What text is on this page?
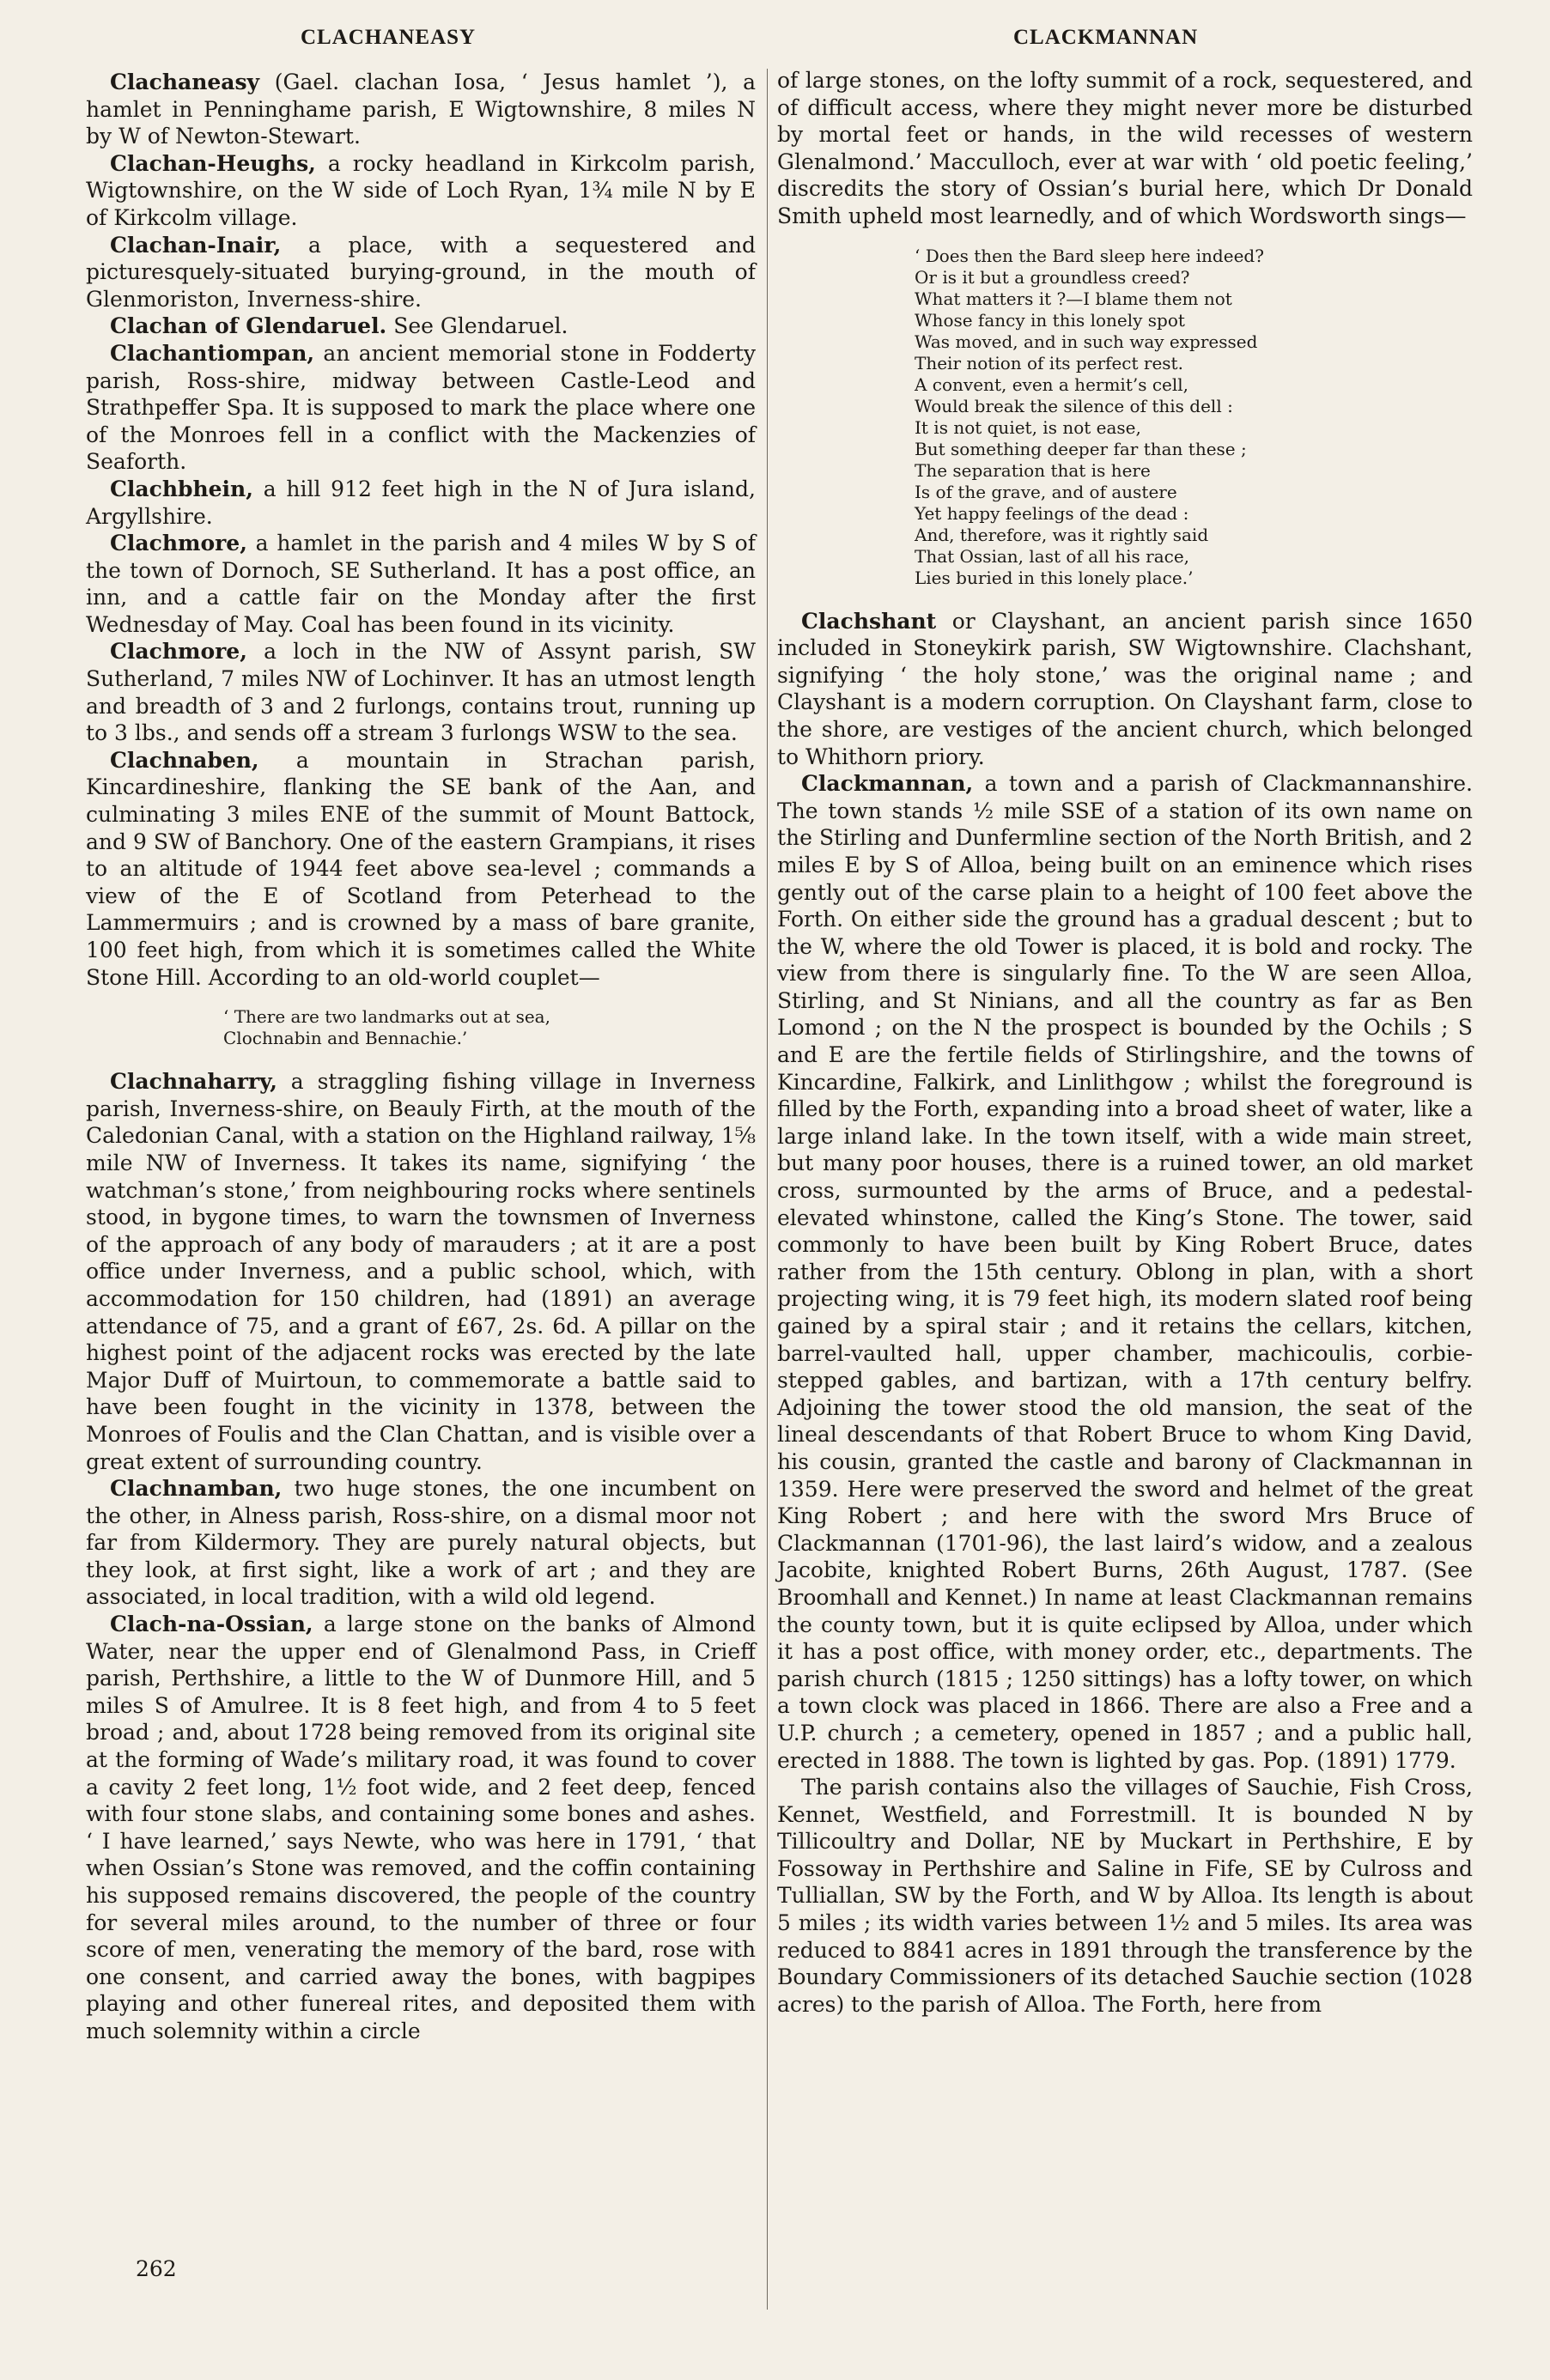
CLACHANEASY	CLACKMANNAN

Clachaneasy (Gael. clachan Iosa, ‘ Jesus hamlet ’), a hamlet in Penninghame parish, E Wigtownshire, 8 miles N by W of Newton-Stewart.

Clachan-Heughs, a rocky headland in Kirkcolm parish, Wigtownshire, on the W side of Loch Ryan, 1¾ mile N by E of Kirkcolm village.

Clachan-Inair, a place, with a sequestered and picturesquely-situated burying-ground, in the mouth of Glenmoriston, Inverness-shire.

Clachan of Glendaruel. See Glendaruel.

Clachantiompan, an ancient memorial stone in Fodderty parish, Ross-shire, midway between Castle-Leod and Strathpeffer Spa. It is supposed to mark the place where one of the Monroes fell in a conflict with the Mackenzies of Seaforth.

Clachbhein, a hill 912 feet high in the N of Jura island, Argyllshire.

Clachmore, a hamlet in the parish and 4 miles W by S of the town of Dornoch, SE Sutherland. It has a post office, an inn, and a cattle fair on the Monday after the first Wednesday of May. Coal has been found in its vicinity.

Clachmore, a loch in the NW of Assynt parish, SW Sutherland, 7 miles NW of Lochinver. It has an utmost length and breadth of 3 and 2 furlongs, contains trout, running up to 3 lbs., and sends off a stream 3 furlongs WSW to the sea.

Clachnaben, a mountain in Strachan parish, Kincardineshire, flanking the SE bank of the Aan, and culminating 3 miles ENE of the summit of Mount Battock, and 9 SW of Banchory. One of the eastern Grampians, it rises to an altitude of 1944 feet above sea-level ; commands a view of the E of Scotland from Peterhead to the Lammermuirs ; and is crowned by a mass of bare granite, 100 feet high, from which it is sometimes called the White Stone Hill. According to an old-world couplet—

‘ There are two landmarks out at sea,
Clochnabin and Bennachie.’

Clachnaharry, a straggling fishing village in Inverness parish, Inverness-shire, on Beauly Firth, at the mouth of the Caledonian Canal, with a station on the Highland railway, 1⅝ mile NW of Inverness. It takes its name, signifying ‘ the watchman’s stone,’ from neighbouring rocks where sentinels stood, in bygone times, to warn the townsmen of Inverness of the approach of any body of marauders ; at it are a post office under Inverness, and a public school, which, with accommodation for 150 children, had (1891) an average attendance of 75, and a grant of £67, 2s. 6d. A pillar on the highest point of the adjacent rocks was erected by the late Major Duff of Muirtoun, to commemorate a battle said to have been fought in the vicinity in 1378, between the Monroes of Foulis and the Clan Chattan, and is visible over a great extent of surrounding country.

Clachnamban, two huge stones, the one incumbent on the other, in Alness parish, Ross-shire, on a dismal moor not far from Kildermory. They are purely natural objects, but they look, at first sight, like a work of art ; and they are associated, in local tradition, with a wild old legend.

Clach-na-Ossian, a large stone on the banks of Almond Water, near the upper end of Glenalmond Pass, in Crieff parish, Perthshire, a little to the W of Dunmore Hill, and 5 miles S of Amulree. It is 8 feet high, and from 4 to 5 feet broad ; and, about 1728 being removed from its original site at the forming of Wade’s military road, it was found to cover a cavity 2 feet long, 1½ foot wide, and 2 feet deep, fenced with four stone slabs, and containing some bones and ashes. ‘ I have learned,’ says Newte, who was here in 1791, ‘ that when Ossian’s Stone was removed, and the coffin containing his supposed remains discovered, the people of the country for several miles around, to the number of three or four score of men, venerating the memory of the bard, rose with one consent, and carried away the bones, with bagpipes playing and other funereal rites, and deposited them with much solemnity within a circle

of large stones, on the lofty summit of a rock, sequestered, and of difficult access, where they might never more be disturbed by mortal feet or hands, in the wild recesses of western Glenalmond.’ Macculloch, ever at war with ‘ old poetic feeling,’ discredits the story of Ossian’s burial here, which Dr Donald Smith upheld most learnedly, and of which Wordsworth sings—

‘ Does then the Bard sleep here indeed?
Or is it but a groundless creed?
What matters it ?—I blame them not
Whose fancy in this lonely spot
Was moved, and in such way expressed
Their notion of its perfect rest.
A convent, even a hermit’s cell,
Would break the silence of this dell :
It is not quiet, is not ease,
But something deeper far than these ;
The separation that is here
Is of the grave, and of austere
Yet happy feelings of the dead :
And, therefore, was it rightly said
That Ossian, last of all his race,
Lies buried in this lonely place.’

Clachshant or Clayshant, an ancient parish since 1650 included in Stoneykirk parish, SW Wigtownshire. Clachshant, signifying ‘ the holy stone,’ was the original name ; and Clayshant is a modern corruption. On Clayshant farm, close to the shore, are vestiges of the ancient church, which belonged to Whithorn priory.

Clackmannan, a town and a parish of Clackmannanshire. The town stands ½ mile SSE of a station of its own name on the Stirling and Dunfermline section of the North British, and 2 miles E by S of Alloa, being built on an eminence which rises gently out of the carse plain to a height of 100 feet above the Forth. On either side the ground has a gradual descent ; but to the W, where the old Tower is placed, it is bold and rocky. The view from there is singularly fine. To the W are seen Alloa, Stirling, and St Ninians, and all the country as far as Ben Lomond ; on the N the prospect is bounded by the Ochils ; S and E are the fertile fields of Stirlingshire, and the towns of Kincardine, Falkirk, and Linlithgow ; whilst the foreground is filled by the Forth, expanding into a broad sheet of water, like a large inland lake. In the town itself, with a wide main street, but many poor houses, there is a ruined tower, an old market cross, surmounted by the arms of Bruce, and a pedestal-elevated whinstone, called the King’s Stone. The tower, said commonly to have been built by King Robert Bruce, dates rather from the 15th century. Oblong in plan, with a short projecting wing, it is 79 feet high, its modern slated roof being gained by a spiral stair ; and it retains the cellars, kitchen, barrel-vaulted hall, upper chamber, machicoulis, corbie-stepped gables, and bartizan, with a 17th century belfry. Adjoining the tower stood the old mansion, the seat of the lineal descendants of that Robert Bruce to whom King David, his cousin, granted the castle and barony of Clackmannan in 1359. Here were preserved the sword and helmet of the great King Robert ; and here with the sword Mrs Bruce of Clackmannan (1701-96), the last laird’s widow, and a zealous Jacobite, knighted Robert Burns, 26th August, 1787. (See Broomhall and Kennet.) In name at least Clackmannan remains the county town, but it is quite eclipsed by Alloa, under which it has a post office, with money order, etc., departments. The parish church (1815 ; 1250 sittings) has a lofty tower, on which a town clock was placed in 1866. There are also a Free and a U.P. church ; a cemetery, opened in 1857 ; and a public hall, erected in 1888. The town is lighted by gas. Pop. (1891) 1779.

The parish contains also the villages of Sauchie, Fish Cross, Kennet, Westfield, and Forrestmill. It is bounded N by Tillicoultry and Dollar, NE by Muckart in Perthshire, E by Fossoway in Perthshire and Saline in Fife, SE by Culross and Tulliallan, SW by the Forth, and W by Alloa. Its length is about 5 miles ; its width varies between 1½ and 5 miles. Its area was reduced to 8841 acres in 1891 through the transference by the Boundary Commissioners of its detached Sauchie section (1028 acres) to the parish of Alloa. The Forth, here from

262
